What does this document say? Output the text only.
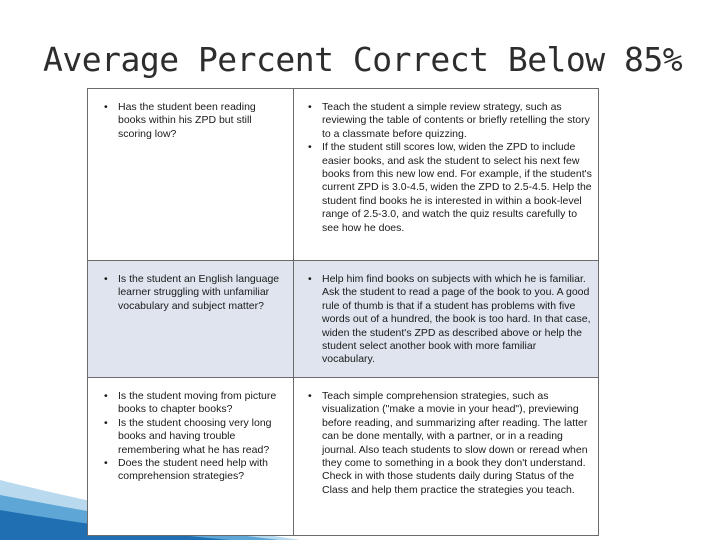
Average Percent Correct Below 85%
• Has the student been reading books within his ZPD but still scoring low?
• Teach the student a simple review strategy, such as reviewing the table of contents or briefly retelling the story to a classmate before quizzing.
• If the student still scores low, widen the ZPD to include easier books, and ask the student to select his next few books from this new low end. For example, if the student's current ZPD is 3.0-4.5, widen the ZPD to 2.5-4.5. Help the student find books he is interested in within a book-level range of 2.5-3.0, and watch the quiz results carefully to see how he does.
• Is the student an English language learner struggling with unfamiliar vocabulary and subject matter?
• Help him find books on subjects with which he is familiar. Ask the student to read a page of the book to you. A good rule of thumb is that if a student has problems with five words out of a hundred, the book is too hard. In that case, widen the student's ZPD as described above or help the student select another book with more familiar vocabulary.
• Is the student moving from picture books to chapter books?
• Is the student choosing very long books and having trouble remembering what he has read?
• Does the student need help with comprehension strategies?
• Teach simple comprehension strategies, such as visualization ("make a movie in your head"), previewing before reading, and summarizing after reading. The latter can be done mentally, with a partner, or in a reading journal. Also teach students to slow down or reread when they come to something in a book they don't understand. Check in with those students daily during Status of the Class and help them practice the strategies you teach.
